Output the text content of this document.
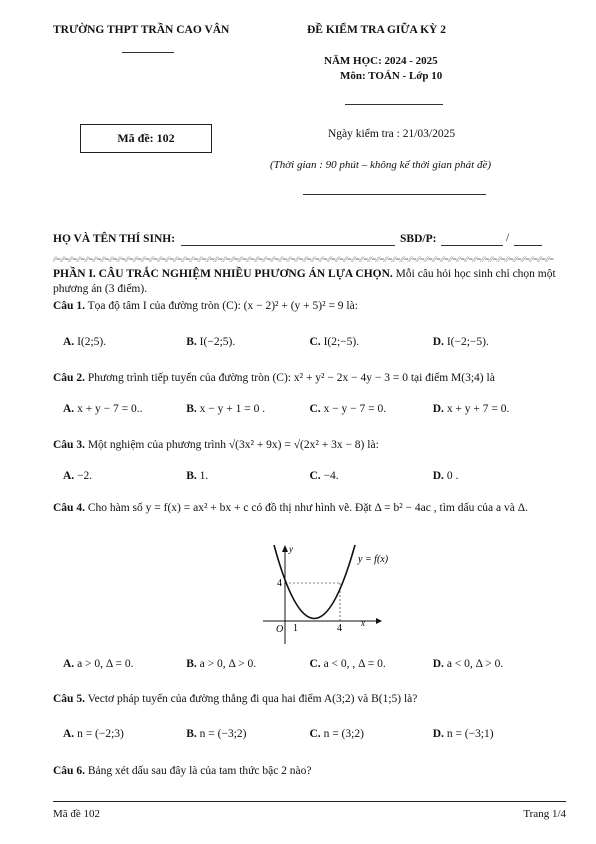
TRƯỜNG THPT TRẦN CAO VÂN	ĐỀ KIỂM TRA GIỮA KỲ 2
NĂM HỌC: 2024 - 2025
Môn: TOÁN - Lớp 10
Mã đề: 102	Ngày kiểm tra : 21/03/2025
(Thời gian : 90 phút – không kể thời gian phát đề)
HỌ VÀ TÊN THÍ SINH:	SBD/P:	/
⁄⁄=⁄⁄=⁄⁄=⁄⁄=⁄⁄=⁄⁄=⁄⁄=⁄⁄=⁄⁄=⁄⁄=⁄⁄=⁄⁄=⁄⁄=⁄⁄=⁄⁄=⁄⁄=⁄⁄=⁄⁄=⁄⁄=⁄⁄=⁄⁄=⁄⁄=⁄⁄=⁄⁄=⁄⁄=⁄⁄=⁄⁄=⁄⁄=⁄⁄=⁄⁄=⁄⁄=⁄⁄=⁄⁄=⁄⁄=⁄⁄=⁄⁄=⁄⁄=⁄⁄=⁄⁄=⁄⁄=⁄⁄=⁄⁄=⁄⁄=⁄⁄=⁄⁄=⁄⁄=⁄⁄=⁄⁄=⁄⁄=⁄⁄=⁄⁄=⁄⁄=⁄⁄=⁄⁄=⁄⁄=⁄⁄=⁄⁄=⁄⁄=⁄⁄=⁄⁄=⁄⁄=⁄⁄=
PHẦN I. CÂU TRẮC NGHIỆM NHIỀU PHƯƠNG ÁN LỰA CHỌN. Mỗi câu hỏi học sinh chỉ chọn một phương án (3 điểm).
Câu 1. Tọa độ tâm I của đường tròn (C): (x − 2)² + (y + 5)² = 9 là:
A. I(2;5).	B. I(−2;5).	C. I(2;−5).	D. I(−2;−5).
Câu 2. Phương trình tiếp tuyến của đường tròn (C): x² + y² − 2x − 4y − 3 = 0 tại điểm M(3;4) là
A. x + y − 7 = 0..	B. x − y + 1 = 0 .	C. x − y − 7 = 0.	D. x + y + 7 = 0.
Câu 3. Một nghiệm của phương trình √(3x² + 9x) = √(2x² + 3x − 8) là:
A. −2.	B. 1.	C. −4.	D. 0 .
Câu 4. Cho hàm số y = f(x) = ax² + bx + c có đồ thị như hình vẽ. Đặt Δ = b² − 4ac , tìm dấu của a và Δ.
y
x
O 1	4
4
y = f(x)
A. a > 0, Δ = 0.	B. a > 0, Δ > 0.	C. a < 0, , Δ = 0.	D. a < 0, Δ > 0.
Câu 5. Vectơ pháp tuyến của đường thẳng đi qua hai điểm A(3;2) và B(1;5) là?
A. n = (−2;3)	B. n = (−3;2)	C. n = (3;2)	D. n = (−3;1)
Câu 6. Bảng xét dấu sau đây là của tam thức bậc 2 nào?
Mã đề 102	Trang 1/4
